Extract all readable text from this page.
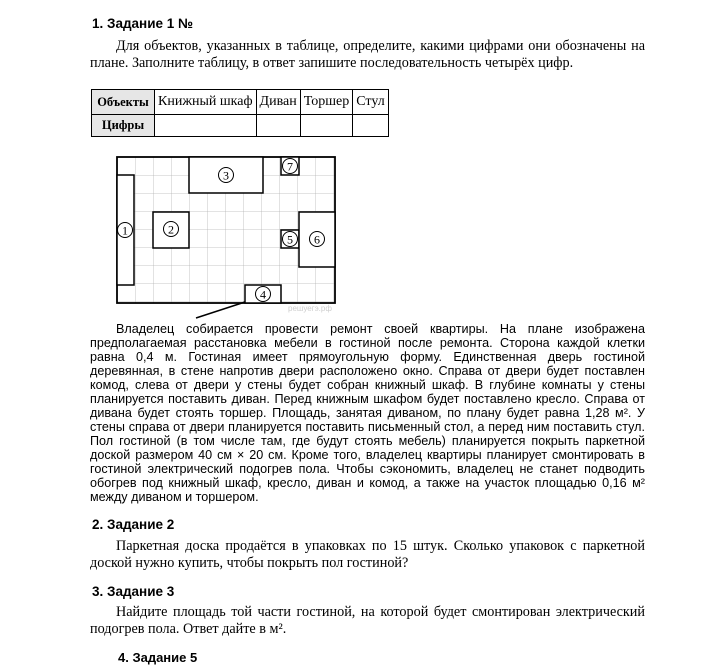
1. Задание 1 №

Для объектов, указанных в таблице, определите, какими цифрами они обозначены на плане. Заполните таблицу, в ответ запишите последовательность четырёх цифр.

Объекты	Книжный шкаф	Диван	Торшер	Стул
Цифры				
1	2
3
4
5 6
7
решуегэ.рф

Владелец собирается провести ремонт своей квартиры. На плане изображена предполагаемая расстановка мебели в гостиной после ремонта. Сторона каждой клетки равна 0,4 м. Гостиная имеет прямоугольную форму. Единственная дверь гостиной деревянная, в стене напротив двери расположено окно. Справа от двери будет поставлен комод, слева от двери у стены будет собран книжный шкаф. В глубине комнаты у стены планируется поставить диван. Перед книжным шкафом будет поставлено кресло. Справа от дивана будет стоять торшер. Площадь, занятая диваном, по плану будет равна 1,28 м². У стены справа от двери планируется поставить письменный стол, а перед ним поставить стул. Пол гостиной (в том числе там, где будут стоять мебель) планируется покрыть паркетной доской размером 40 см × 20 см. Кроме того, владелец квартиры планирует смонтировать в гостиной электрический подогрев пола. Чтобы сэкономить, владелец не станет подводить обогрев под книжный шкаф, кресло, диван и комод, а также на участок площадью 0,16 м² между диваном и торшером.

2. Задание 2

Паркетная доска продаётся в упаковках по 15 штук. Сколько упаковок с паркетной доской нужно купить, чтобы покрыть пол гостиной?

3. Задание 3

Найдите площадь той части гостиной, на которой будет смонтирован электрический подогрев пола. Ответ дайте в м².

4. Задание 5
